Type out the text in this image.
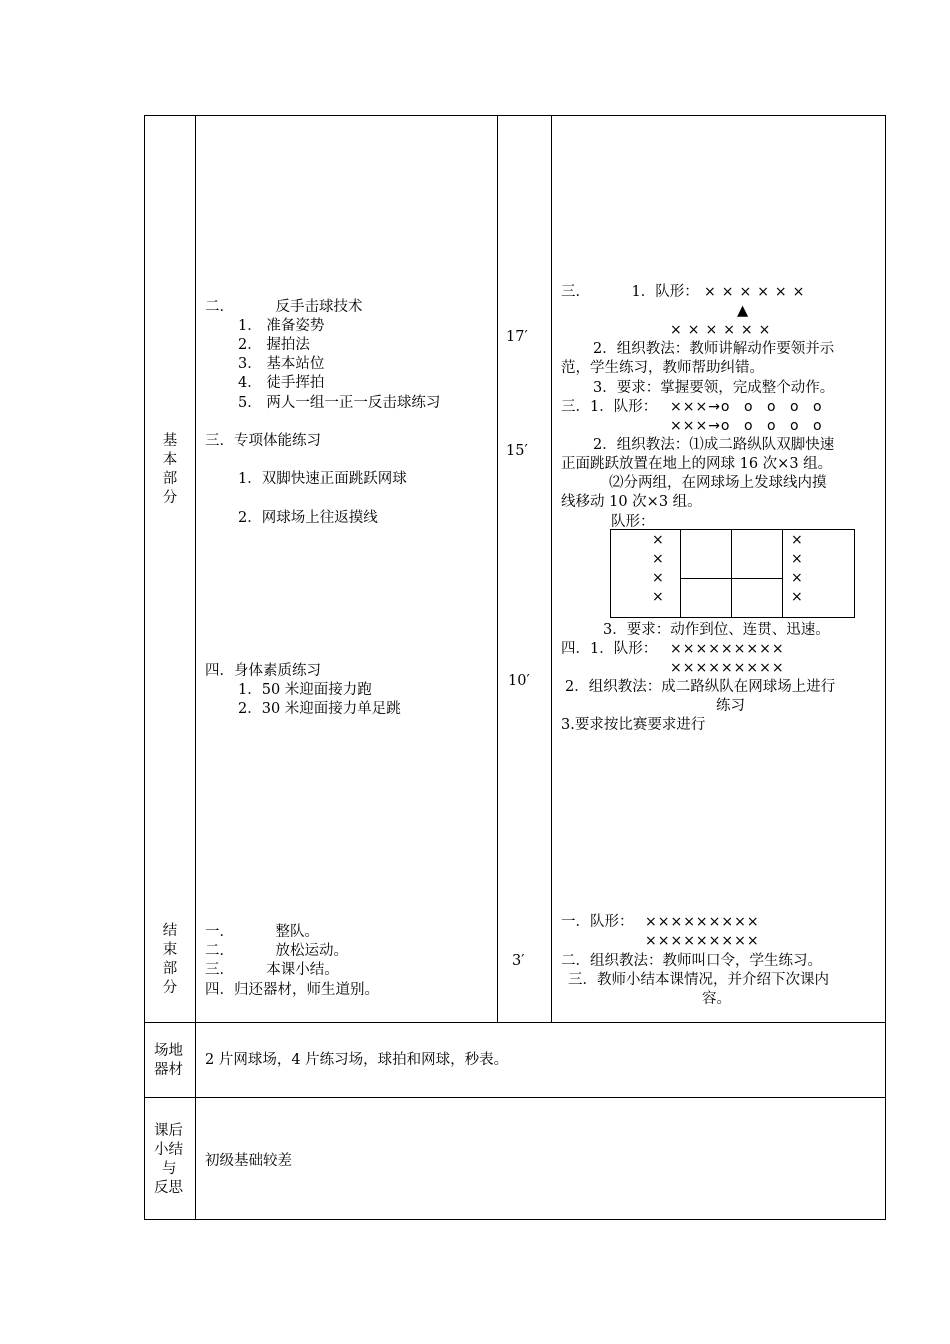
基
本
部
分
二．         反手击球技术
1． 准备姿势
2． 握拍法
3． 基本站位
4． 徒手挥拍
5． 两人一组一正一反击球练习
17′
三．专项体能练习
1．双脚快速正面跳跃网球
2．网球场上往返摸线
15′
四．身体素质练习
1．50 米迎面接力跑
2．30 米迎面接力单足跳
10′
三．         1．队形： ××××××
▲
××××××
2．组织教法：教师讲解动作要领并示
范，学生练习，教师帮助纠错。
3．要求：掌握要领，完成整个动作。
三．1．队形： ×××→o o o o o
×××→o o o o o
2．组织教法：⑴成二路纵队双脚快速
正面跳跃放置在地上的网球 16 次×3 组。
⑵分两组，在网球场上发球线内摸
线移动 10 次×3 组。
队形：
×
×
×
×
×
×
×
×
3．要求：动作到位、连贯、迅速。
四．1．队形： ×××××××××
×××××××××
2．组织教法：成二路纵队在网球场上进行
练习
3.要求按比赛要求进行
结
束
部
分
一．         整队。
二．         放松运动。
三．       本课小结。
四．归还器材，师生道别。
3′
一．队形： ×××××××××
×××××××××
二．组织教法：教师叫口令，学生练习。
三．教师小结本课情况，并介绍下次课内
容。
场地
器材
2 片网球场，4 片练习场，球拍和网球，秒表。
课后
小结
与
反思
初级基础较差
